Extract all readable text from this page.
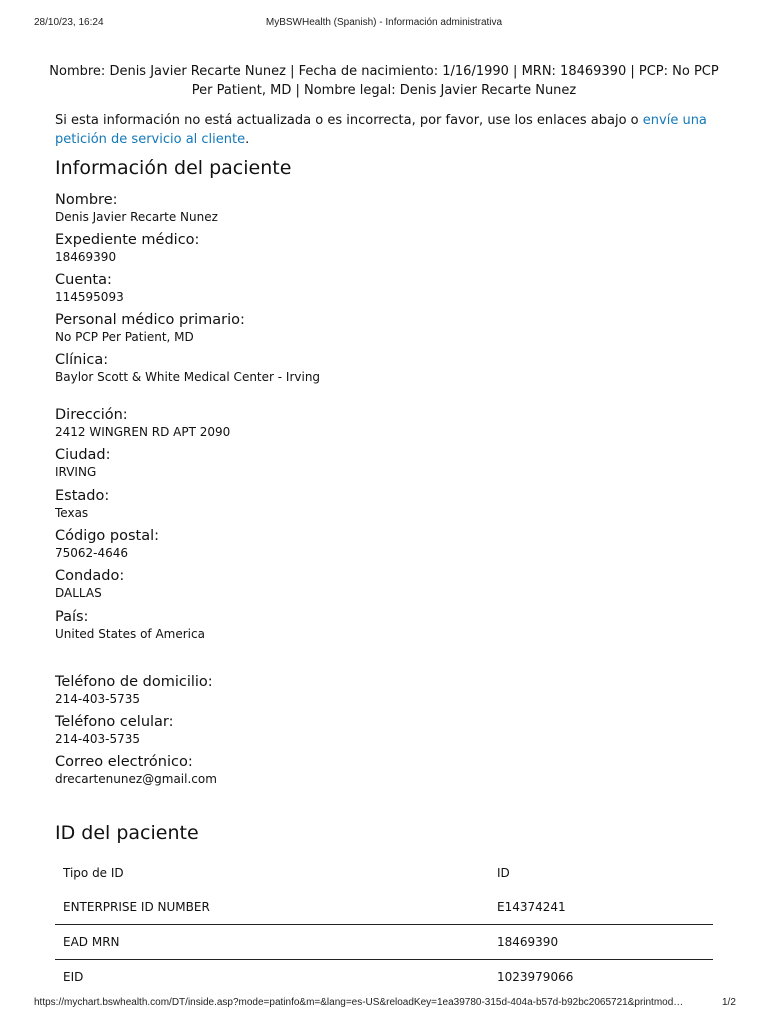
28/10/23, 16:24	MyBSWHealth (Spanish) - Información administrativa
Nombre: Denis Javier Recarte Nunez | Fecha de nacimiento: 1/16/1990 | MRN: 18469390 | PCP: No PCP
Per Patient, MD | Nombre legal: Denis Javier Recarte Nunez
Si esta información no está actualizada o es incorrecta, por favor, use los enlaces abajo o envíe una petición de servicio al cliente.
Información del paciente
Nombre:
Denis Javier Recarte Nunez
Expediente médico:
18469390
Cuenta:
114595093
Personal médico primario:
No PCP Per Patient, MD
Clínica:
Baylor Scott & White Medical Center - Irving
Dirección:
2412 WINGREN RD APT 2090
Ciudad:
IRVING
Estado:
Texas
Código postal:
75062-4646
Condado:
DALLAS
País:
United States of America
Teléfono de domicilio:
214-403-5735
Teléfono celular:
214-403-5735
Correo electrónico:
drecartenunez@gmail.com
ID del paciente
Tipo de ID	ID
ENTERPRISE ID NUMBER	E14374241
EAD MRN	18469390
EID	1023979066
https://mychart.bswhealth.com/DT/inside.asp?mode=patinfo&m=&lang=es-US&reloadKey=1ea39780-315d-404a-b57d-b92bc2065721&printmod…	1/2
